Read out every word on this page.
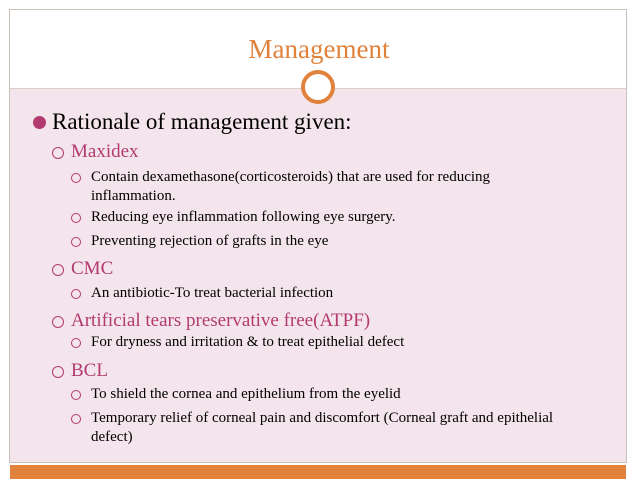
Management
Rationale of management given:
Maxidex
Contain dexamethasone(corticosteroids) that are used for reducing inflammation.
Reducing eye inflammation following eye surgery.
Preventing rejection of grafts in the eye
CMC
An antibiotic-To treat bacterial infection
Artificial tears preservative free(ATPF)
For dryness and irritation & to treat epithelial defect
BCL
To shield the cornea and epithelium from the eyelid
Temporary relief of corneal pain and discomfort (Corneal graft and epithelial defect)
